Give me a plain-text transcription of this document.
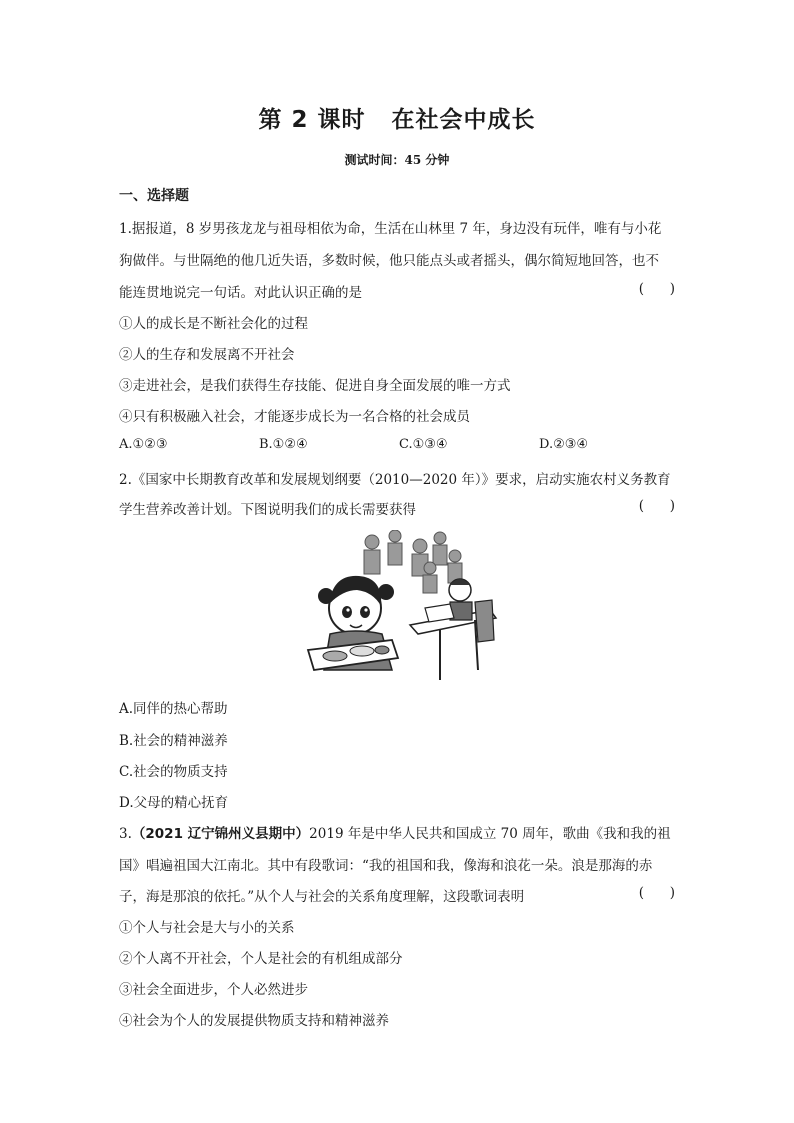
第 2 课时 在社会中成长
测试时间：45 分钟
一、选择题
1.据报道，8 岁男孩龙龙与祖母相依为命，生活在山林里 7 年，身边没有玩伴，唯有与小花
狗做伴。与世隔绝的他几近失语，多数时候，他只能点头或者摇头，偶尔简短地回答，也不
能连贯地说完一句话。对此认识正确的是	(      )
①人的成长是不断社会化的过程
②人的生存和发展离不开社会
③走进社会，是我们获得生存技能、促进自身全面发展的唯一方式
④只有积极融入社会，才能逐步成长为一名合格的社会成员
A.①②③	B.①②④	C.①③④	D.②③④
2.《国家中长期教育改革和发展规划纲要（2010—2020 年）》要求，启动实施农村义务教育
学生营养改善计划。下图说明我们的成长需要获得	(      )
A.同伴的热心帮助
B.社会的精神滋养
C.社会的物质支持
D.父母的精心抚育
3.（2021 辽宁锦州义县期中）2019 年是中华人民共和国成立 70 周年，歌曲《我和我的祖
国》唱遍祖国大江南北。其中有段歌词：“我的祖国和我，像海和浪花一朵。浪是那海的赤
子，海是那浪的依托。”从个人与社会的关系角度理解，这段歌词表明	(      )
①个人与社会是大与小的关系
②个人离不开社会，个人是社会的有机组成部分
③社会全面进步，个人必然进步
④社会为个人的发展提供物质支持和精神滋养
